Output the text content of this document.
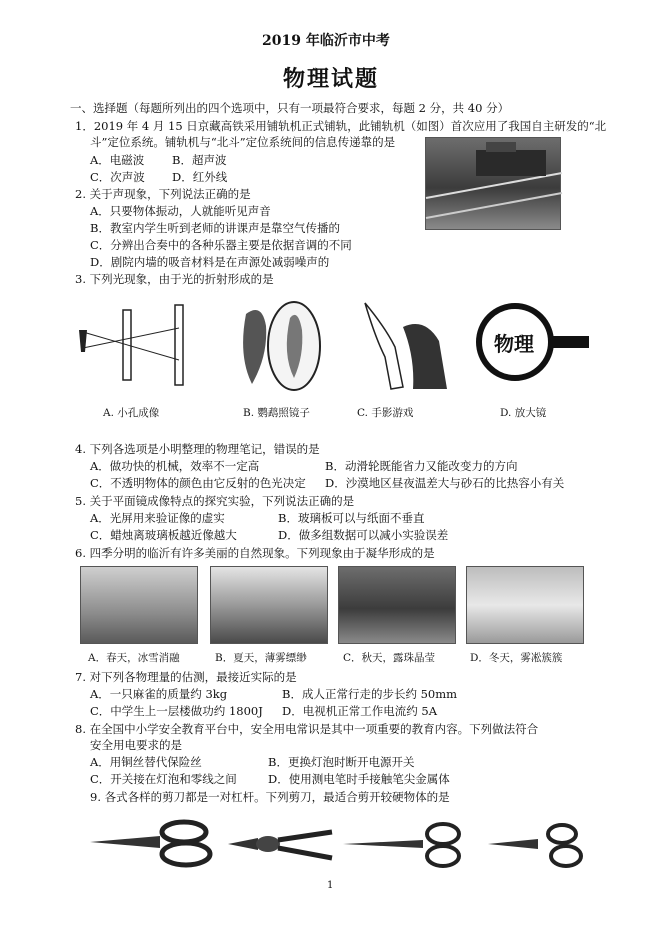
2019 年临沂市中考
物理试题
一、选择题（每题所列出的四个选项中，只有一项最符合要求，每题 2 分，共 40 分）
1．2019 年 4 月 15 日京藏高铁采用铺轨机正式铺轨，此铺轨机（如图）首次应用了我国自主研发的“北
斗”定位系统。铺轨机与“北斗”定位系统间的信息传递靠的是
A．电磁波 B．超声波
C．次声波 D．红外线
2. 关于声现象，下列说法正确的是
A．只要物体振动，人就能听见声音
B．教室内学生听到老师的讲课声是靠空气传播的
C．分辨出合奏中的各种乐器主要是依据音调的不同
D．剧院内墙的吸音材料是在声源处减弱噪声的
3. 下列光现象，由于光的折射形成的是
物理
A. 小孔成像	B. 鹦鹉照镜子	C. 手影游戏	D. 放大镜
4. 下列各选项是小明整理的物理笔记，错误的是
A．做功快的机械，效率不一定高	B．动滑轮既能省力又能改变力的方向
C．不透明物体的颜色由它反射的色光决定 D．沙漠地区昼夜温差大与砂石的比热容小有关
5. 关于平面镜成像特点的探究实验，下列说法正确的是
A．光屏用来验证像的虚实	B．玻璃板可以与纸面不垂直
C．蜡烛离玻璃板越近像越大	D．做多组数据可以减小实验误差
6. 四季分明的临沂有许多美丽的自然现象。下列现象由于凝华形成的是
A．春天，冰雪消融	B．夏天，薄雾缥缈	C．秋天，露珠晶莹	D．冬天，雾凇簇簇
7. 对下列各物理量的估测，最接近实际的是
A．一只麻雀的质量约 3kg	B．成人正常行走的步长约 50mm
C．中学生上一层楼做功约 1800J D．电视机正常工作电流约 5A
8. 在全国中小学安全教育平台中，安全用电常识是其中一项重要的教育内容。下列做法符合
安全用电要求的是
A．用铜丝替代保险丝	B．更换灯泡时断开电源开关
C．开关接在灯泡和零线之间	D．使用测电笔时手接触笔尖金属体
9. 各式各样的剪刀都是一对杠杆。下列剪刀，最适合剪开较硬物体的是
1
